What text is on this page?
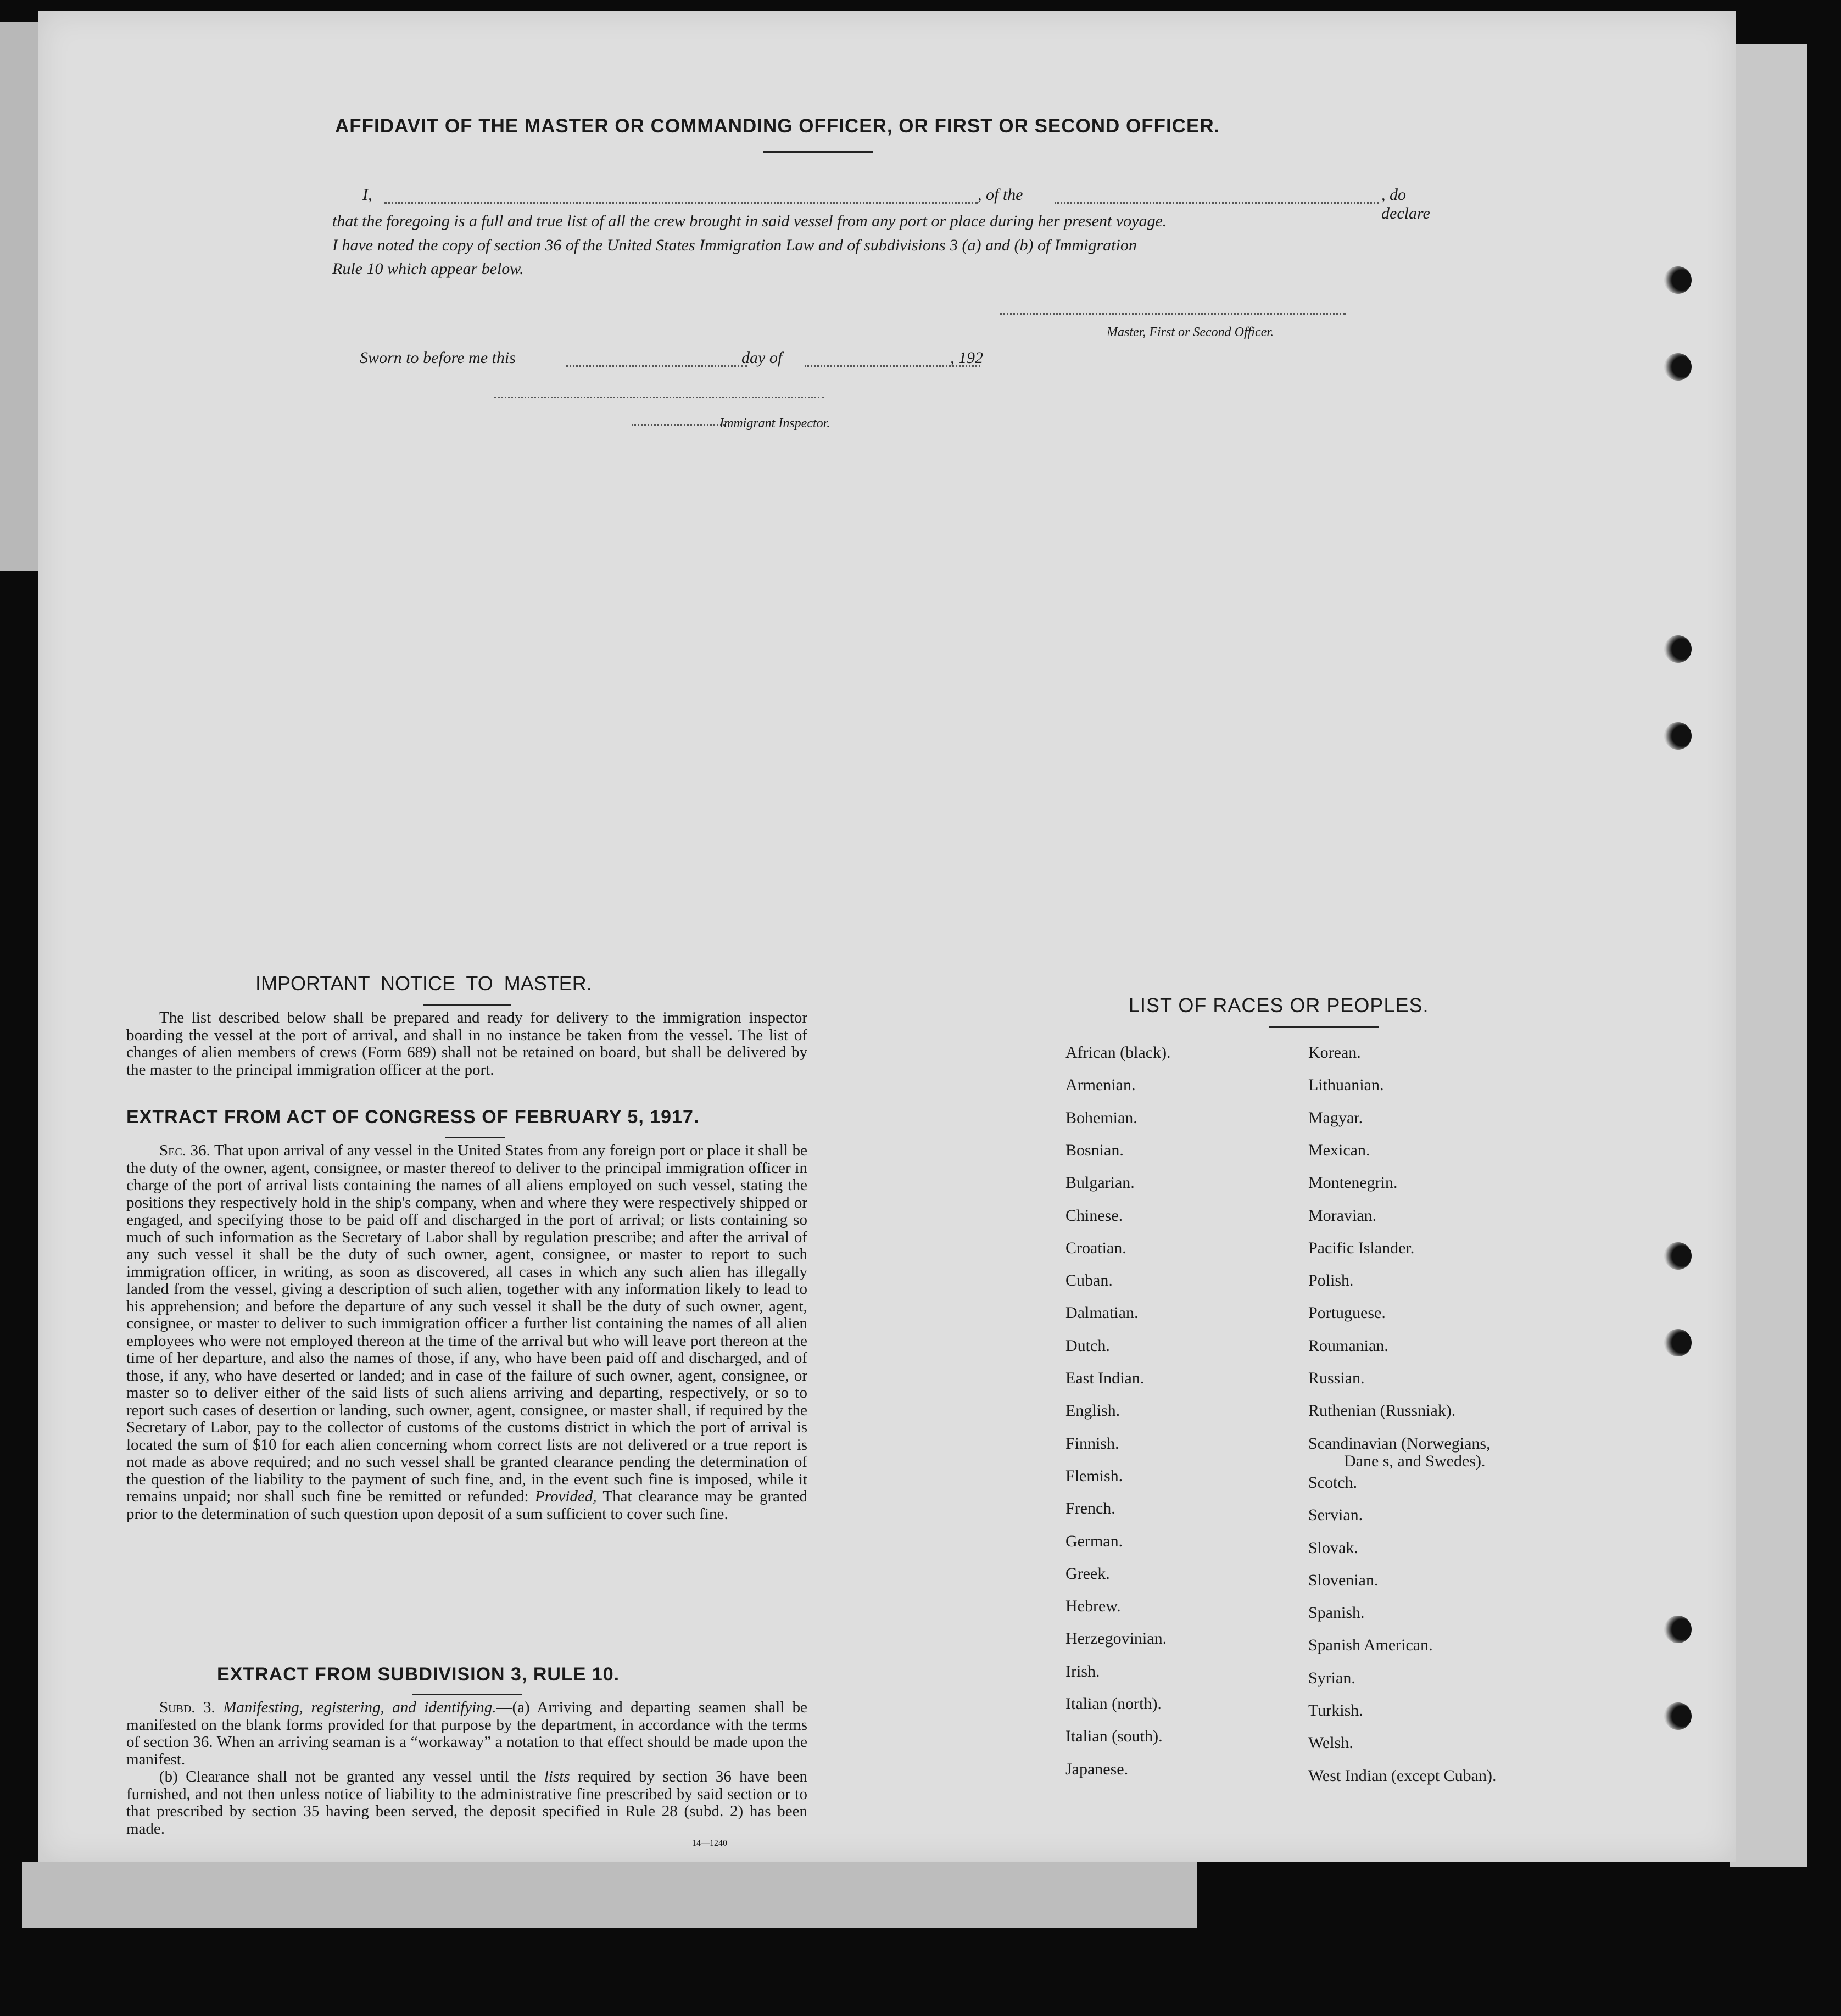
AFFIDAVIT OF THE MASTER OR COMMANDING OFFICER, OR FIRST OR SECOND OFFICER.
I,	, of the	, do declare
that the foregoing is a full and true list of all the crew brought in said vessel from any port or place during her present voyage.
I have noted the copy of section 36 of the United States Immigration Law and of subdivisions 3 (a) and (b) of Immigration
Rule 10 which appear below.
Master, First or Second Officer.
Sworn to before me this	day of	, 192
Immigrant Inspector.
IMPORTANT  NOTICE  TO  MASTER.
The list described below shall be prepared and ready for delivery to the immigration inspector boarding the vessel at the port of arrival, and shall in no instance be taken from the vessel. The list of changes of alien members of crews (Form 689) shall not be retained on board, but shall be delivered by the master to the principal immigration officer at the port.
EXTRACT FROM ACT OF CONGRESS OF FEBRUARY 5, 1917.
Sec. 36. That upon arrival of any vessel in the United States from any foreign port or place it shall be the duty of the owner, agent, consignee, or master thereof to deliver to the principal immigration officer in charge of the port of arrival lists containing the names of all aliens employed on such vessel, stating the positions they respectively hold in the ship's company, when and where they were respectively shipped or engaged, and specifying those to be paid off and discharged in the port of arrival; or lists containing so much of such information as the Secretary of Labor shall by regulation prescribe; and after the arrival of any such vessel it shall be the duty of such owner, agent, consignee, or master to report to such immigration officer, in writing, as soon as discovered, all cases in which any such alien has illegally landed from the vessel, giving a description of such alien, together with any information likely to lead to his apprehension; and before the departure of any such vessel it shall be the duty of such owner, agent, consignee, or master to deliver to such immigration officer a further list containing the names of all alien employees who were not employed thereon at the time of the arrival but who will leave port thereon at the time of her departure, and also the names of those, if any, who have been paid off and discharged, and of those, if any, who have deserted or landed; and in case of the failure of such owner, agent, consignee, or master so to deliver either of the said lists of such aliens arriving and departing, respectively, or so to report such cases of desertion or landing, such owner, agent, consignee, or master shall, if required by the Secretary of Labor, pay to the collector of customs of the customs district in which the port of arrival is located the sum of $10 for each alien concerning whom correct lists are not delivered or a true report is not made as above required; and no such vessel shall be granted clearance pending the determination of the question of the liability to the payment of such fine, and, in the event such fine is imposed, while it remains unpaid; nor shall such fine be remitted or refunded: Provided, That clearance may be granted prior to the determination of such question upon deposit of a sum sufficient to cover such fine.
EXTRACT FROM SUBDIVISION 3, RULE 10.
Subd. 3. Manifesting, registering, and identifying.—(a) Arriving and departing seamen shall be manifested on the blank forms provided for that purpose by the department, in accordance with the terms of section 36. When an arriving seaman is a “workaway” a notation to that effect should be made upon the manifest.
(b) Clearance shall not be granted any vessel until the lists required by section 36 have been furnished, and not then unless notice of liability to the administrative fine prescribed by said section or to that prescribed by section 35 having been served, the deposit specified in Rule 28 (subd. 2) has been made.
14—1240
LIST OF RACES OR PEOPLES.
African (black).
Armenian.
Bohemian.
Bosnian.
Bulgarian.
Chinese.
Croatian.
Cuban.
Dalmatian.
Dutch.
East Indian.
English.
Finnish.
Flemish.
French.
German.
Greek.
Hebrew.
Herzegovinian.
Irish.
Italian (north).
Italian (south).
Japanese.
Korean.
Lithuanian.
Magyar.
Mexican.
Montenegrin.
Moravian.
Pacific Islander.
Polish.
Portuguese.
Roumanian.
Russian.
Ruthenian (Russniak).
Scandinavian (Norwegians,
Dane s, and Swedes).
Scotch.
Servian.
Slovak.
Slovenian.
Spanish.
Spanish American.
Syrian.
Turkish.
Welsh.
West Indian (except Cuban).
